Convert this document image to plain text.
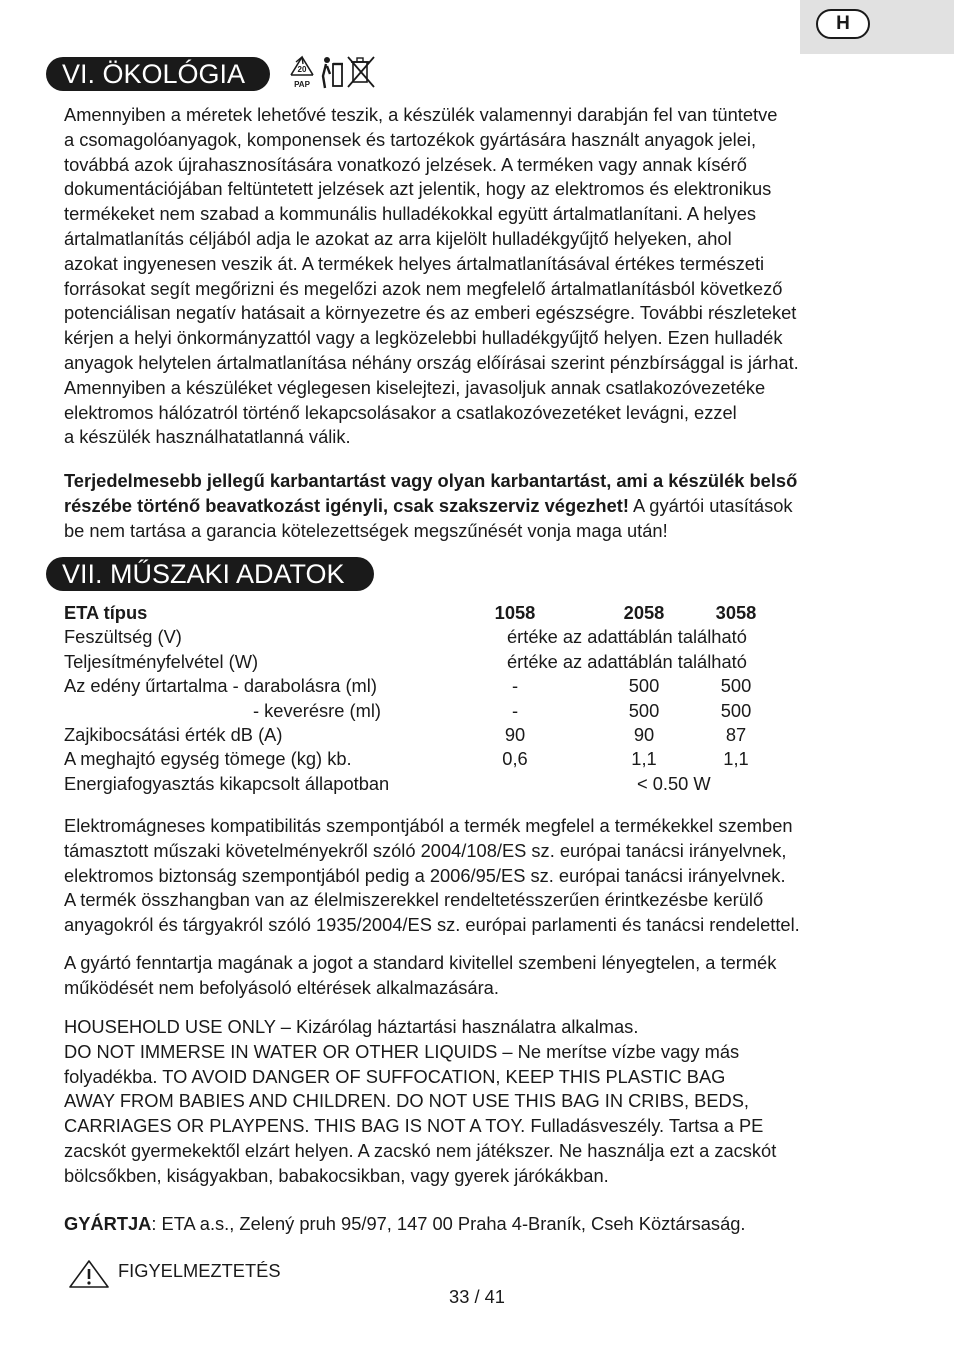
H
VI. ÖKOLÓGIA	20
PAP

Amennyiben a méretek lehetővé teszik, a készülék valamennyi darabján fel van tüntetve
a csomagolóanyagok, komponensek és tartozékok gyártására használt anyagok jelei,
továbbá azok újrahasznosítására vonatkozó jelzések. A terméken vagy annak kísérő
dokumentációjában feltüntetett jelzések azt jelentik, hogy az elektromos és elektronikus
termékeket nem szabad a kommunális hulladékokkal együtt ártalmatlanítani. A helyes
ártalmatlanítás céljából adja le azokat az arra kijelölt hulladékgyűjtő helyeken, ahol
azokat ingyenesen veszik át. A termékek helyes ártalmatlanításával értékes természeti
forrásokat segít megőrizni és megelőzi azok nem megfelelő ártalmatlanításból következő
potenciálisan negatív hatásait a környezetre és az emberi egészségre. További részleteket
kérjen a helyi önkormányzattól vagy a legközelebbi hulladékgyűjtő helyen. Ezen hulladék
anyagok helytelen ártalmatlanítása néhány ország előírásai szerint pénzbírsággal is járhat.
Amennyiben a készüléket véglegesen kiselejtezi, javasoljuk annak csatlakozóvezetéke
elektromos hálózatról történő lekapcsolásakor a csatlakozóvezetéket levágni, ezzel
a készülék használhatatlanná válik.

Terjedelmesebb jellegű karbantartást vagy olyan karbantartást, ami a készülék belső
részébe történő beavatkozást igényli, csak szakszerviz végezhet! A gyártói utasítások
be nem tartása a garancia kötelezettségek megszűnését vonja maga után!

VII. MŰSZAKI ADATOK
ETA típus	1058	2058	3058
Feszültség (V)	értéke az adattáblán található
Teljesítményfelvétel (W)	értéke az adattáblán található
Az edény űrtartalma - darabolásra (ml)	-	500	500
- keverésre (ml)	-	500	500
Zajkibocsátási érték dB (A)	90	90	87
A meghajtó egység tömege (kg) kb.	0,6	1,1	1,1
Energiafogyasztás kikapcsolt állapotban	< 0.50 W

Elektromágneses kompatibilitás szempontjából a termék megfelel a termékekkel szemben
támasztott műszaki követelményekről szóló 2004/108/ES sz. európai tanácsi irányelvnek,
elektromos biztonság szempontjából pedig a 2006/95/ES sz. európai tanácsi irányelvnek.
A termék összhangban van az élelmiszerekkel rendeltetésszerűen érintkezésbe kerülő
anyagokról és tárgyakról szóló 1935/2004/ES sz. európai parlamenti és tanácsi rendelettel.

A gyártó fenntartja magának a jogot a standard kivitellel szembeni lényegtelen, a termék
működését nem befolyásoló eltérések alkalmazására.

HOUSEHOLD USE ONLY – Kizárólag háztartási használatra alkalmas.
DO NOT IMMERSE IN WATER OR OTHER LIQUIDS – Ne merítse vízbe vagy más
folyadékba. TO AVOID DANGER OF SUFFOCATION, KEEP THIS PLASTIC BAG
AWAY FROM BABIES AND CHILDREN. DO NOT USE THIS BAG IN CRIBS, BEDS,
CARRIAGES OR PLAYPENS. THIS BAG IS NOT A TOY. Fulladásveszély. Tartsa a PE
zacskót gyermekektől elzárt helyen. A zacskó nem játékszer. Ne használja ezt a zacskót
bölcsőkben, kiságyakban, babakocsikban, vagy gyerek járókákban.

GYÁRTJA: ETA a.s., Zelený pruh 95/97, 147 00 Praha 4-Braník, Cseh Köztársaság.

FIGYELMEZTETÉS
33 / 41
